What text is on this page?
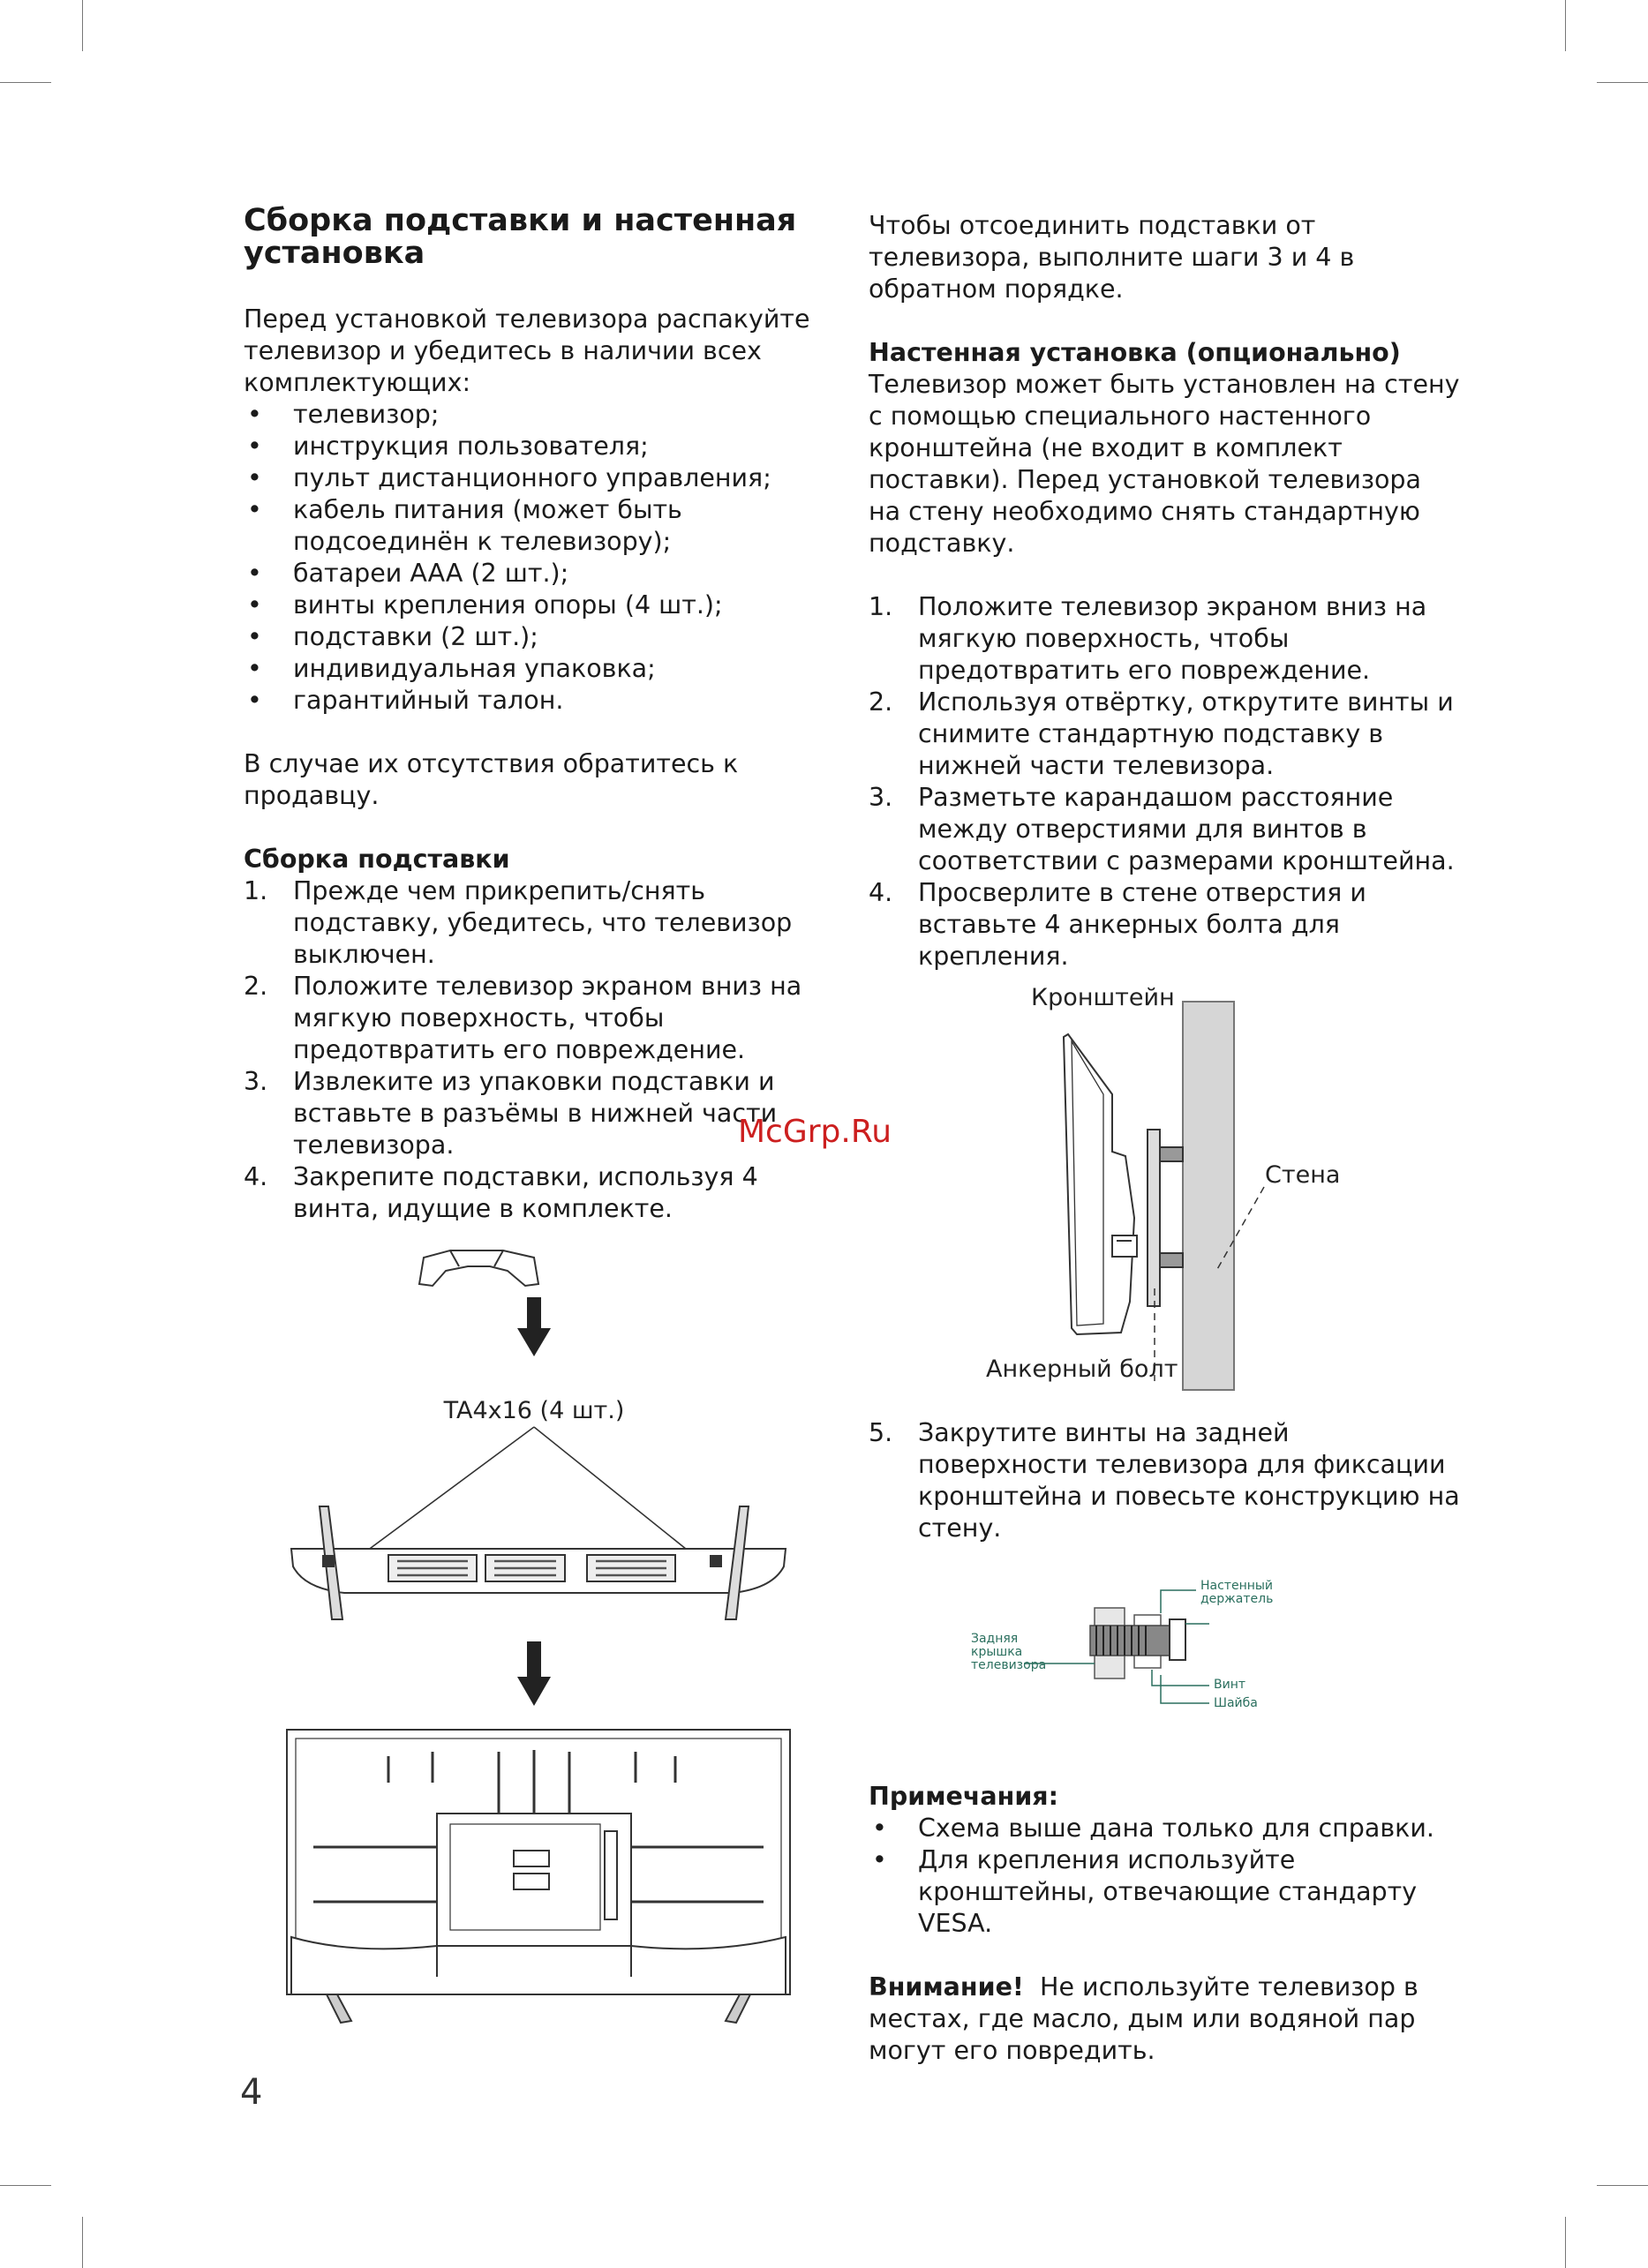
Сборка подставки и настенная установка

Перед установкой телевизора распакуйте телевизор и убедитесь в наличии всех комплектующих:

• телевизор;
• инструкция пользователя;
• пульт дистанционного управления;
• кабель питания (может быть подсоединён к телевизору);
• батареи AAA (2 шт.);
• винты крепления опоры (4 шт.);
• подставки (2 шт.);
• индивидуальная упаковка;
• гарантийный талон.

В случае их отсутствия обратитесь к продавцу.

Сборка подставки

1. Прежде чем прикрепить/снять подставку, убедитесь, что телевизор выключен.
2. Положите телевизор экраном вниз на мягкую поверхность, чтобы предотвратить его повреждение.
3. Извлеките из упаковки подставки и вставьте в разъёмы в нижней части телевизора.
4. Закрепите подставки, используя 4 винта, идущие в комплекте.
TA4x16 (4 шт.)

Чтобы отсоединить подставки от телевизора, выполните шаги 3 и 4 в обратном порядке.

Настенная установка (опционально)

Телевизор может быть установлен на стену с помощью специального настенного кронштейна (не входит в комплект поставки). Перед установкой телевизора на стену необходимо снять стандартную подставку.

1. Положите телевизор экраном вниз на мягкую поверхность, чтобы предотвратить его повреждение.
2. Используя отвёртку, открутите винты и снимите стандартную подставку в нижней части телевизора.
3. Разметьте карандашом расстояние между отверстиями для винтов в соответствии с размерами кронштейна.
4. Просверлите в стене отверстия и вставьте 4 анкерных болта для крепления.
Кронштейн
Стена
Анкерный болт
5. Закрутите винты на задней поверхности телевизора для фиксации кронштейна и повесьте конструкцию на стену.
Настенный держатель
Задняя крышка телевизора
Винт
Шайба

Примечания:

• Схема выше дана только для справки.
• Для крепления используйте кронштейны, отвечающие стандарту VESA.

Внимание! Не используйте телевизор в местах, где масло, дым или водяной пар могут его повредить.

McGrp.Ru
4
